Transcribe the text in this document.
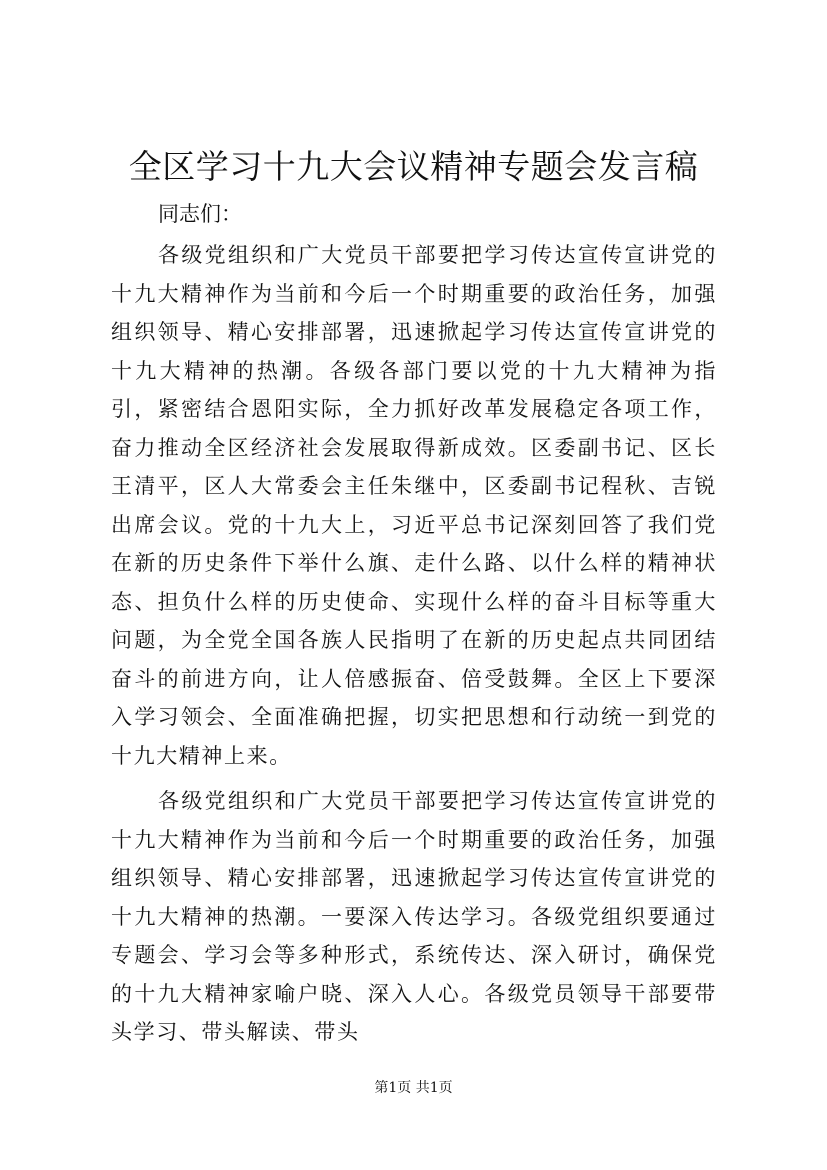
全区学习十九大会议精神专题会发言稿

同志们：

各级党组织和广大党员干部要把学习传达宣传宣讲党的十九大精神作为当前和今后一个时期重要的政治任务，加强组织领导、精心安排部署，迅速掀起学习传达宣传宣讲党的十九大精神的热潮。各级各部门要以党的十九大精神为指引，紧密结合恩阳实际，全力抓好改革发展稳定各项工作，奋力推动全区经济社会发展取得新成效。区委副书记、区长王清平，区人大常委会主任朱继中，区委副书记程秋、吉锐出席会议。党的十九大上，习近平总书记深刻回答了我们党在新的历史条件下举什么旗、走什么路、以什么样的精神状态、担负什么样的历史使命、实现什么样的奋斗目标等重大问题，为全党全国各族人民指明了在新的历史起点共同团结奋斗的前进方向，让人倍感振奋、倍受鼓舞。全区上下要深入学习领会、全面准确把握，切实把思想和行动统一到党的十九大精神上来。

各级党组织和广大党员干部要把学习传达宣传宣讲党的十九大精神作为当前和今后一个时期重要的政治任务，加强组织领导、精心安排部署，迅速掀起学习传达宣传宣讲党的十九大精神的热潮。一要深入传达学习。各级党组织要通过专题会、学习会等多种形式，系统传达、深入研讨，确保党的十九大精神家喻户晓、深入人心。各级党员领导干部要带头学习、带头解读、带头

第1页 共1页
